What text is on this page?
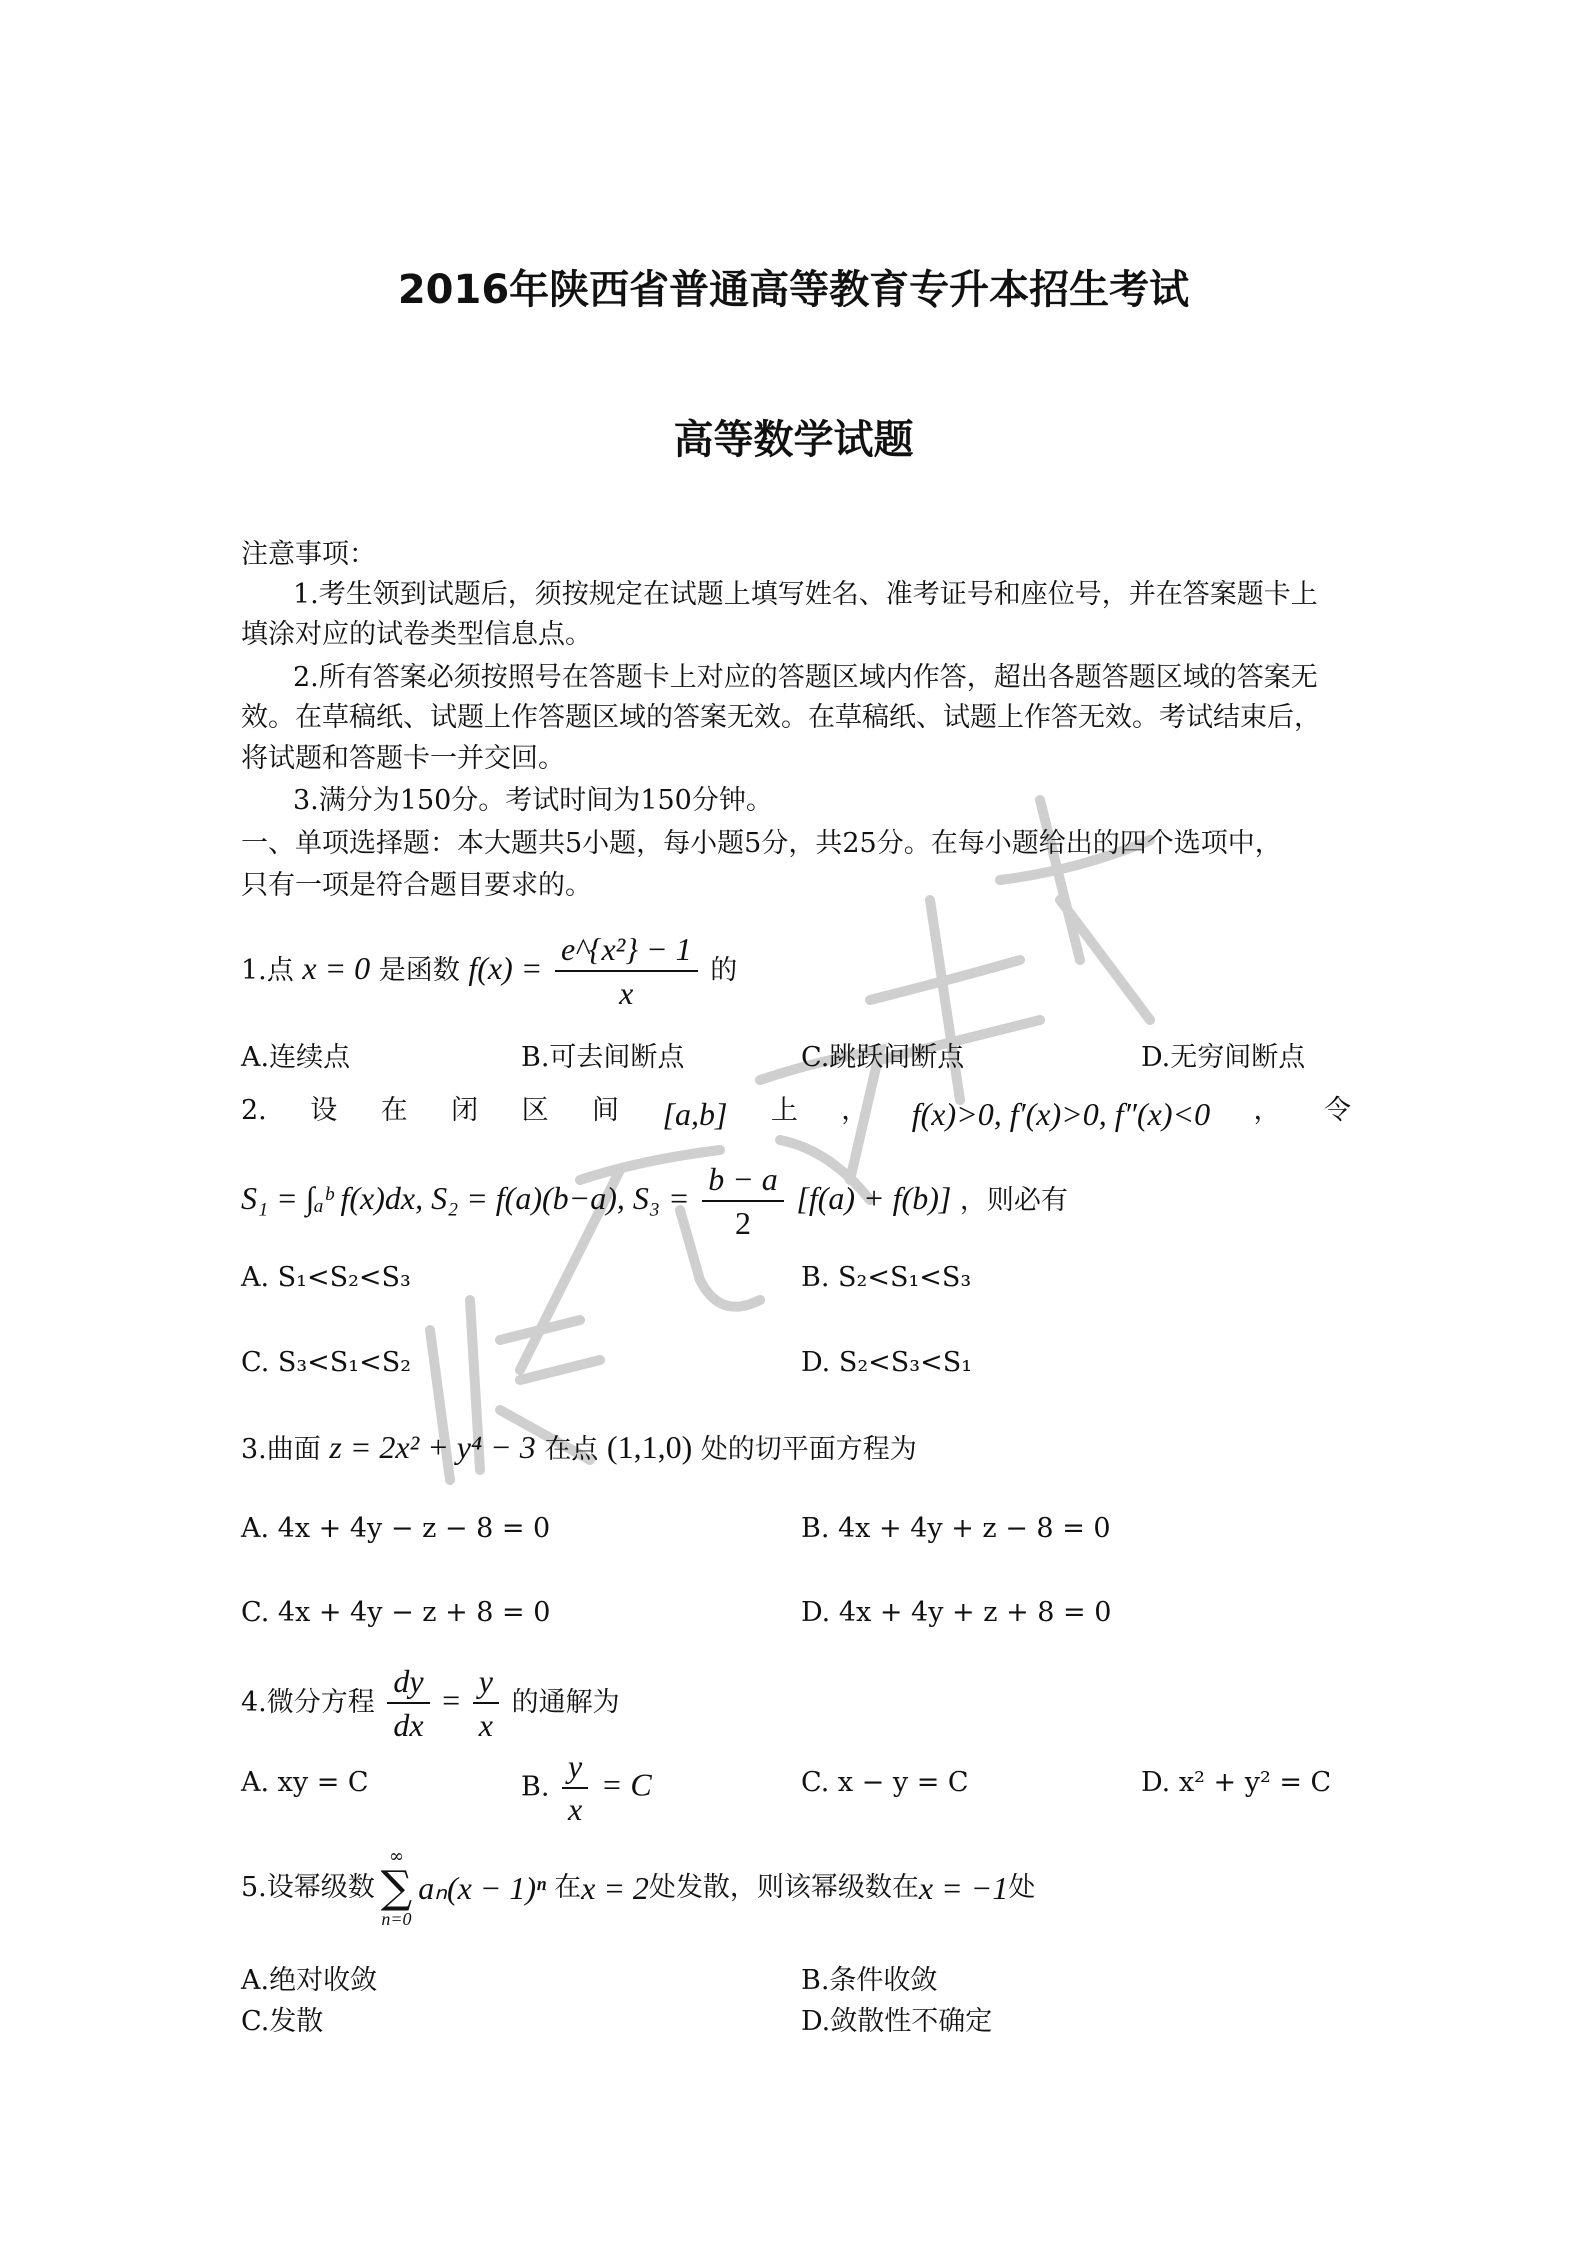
2016年陕西省普通高等教育专升本招生考试
高等数学试题
注意事项：
1.考生领到试题后，须按规定在试题上填写姓名、准考证号和座位号，并在答案题卡上
填涂对应的试卷类型信息点。
2.所有答案必须按照号在答题卡上对应的答题区域内作答，超出各题答题区域的答案无
效。在草稿纸、试题上作答题区域的答案无效。在草稿纸、试题上作答无效。考试结束后，
将试题和答题卡一并交回。
3.满分为150分。考试时间为150分钟。
一、单项选择题：本大题共5小题，每小题5分，共25分。在每小题给出的四个选项中，
只有一项是符合题目要求的。
1.点 x = 0 是函数 $f(x) = \frac{\text{e\textasciicircum{}\{x²\} − 1}}{x}$ 的
A.连续点	B.可去间断点	C.跳跃间断点	D.无穷间断点
2. 设 在 闭 区 间 [a,b] 上 ， f(x)>0, f′(x)>0, f″(x)<0 ， 令
S₁ = ∫ₐᵇ f(x)dx, S₂ = f(a)(b−a), $S_3 = \frac{b - a}{2} [f(a) + f(b)]$ ，则必有
A. S₁<S₂<S₃	B. S₂<S₁<S₃
C. S₃<S₁<S₂	D. S₂<S₃<S₁
3.曲面 z = 2x² + y⁴ − 3 在点 (1,1,0) 处的切平面方程为
A. 4x + 4y − z − 8 = 0	B. 4x + 4y + z − 8 = 0
C. 4x + 4y − z + 8 = 0	D. 4x + 4y + z + 8 = 0
4.微分方程 $\frac{dy}{dx} = \frac{y}{x}$ 的通解为
A. xy = C	B. $\frac{y}{x} = C$	C. x − y = C	D. x² + y² = C
5.设幂级数
∞
∑
n=0
aₙ(x − 1)ⁿ 在 x = 2 处发散，则该幂级数在 x = −1 处
A.绝对收敛	B.条件收敛
C.发散	D.敛散性不确定
